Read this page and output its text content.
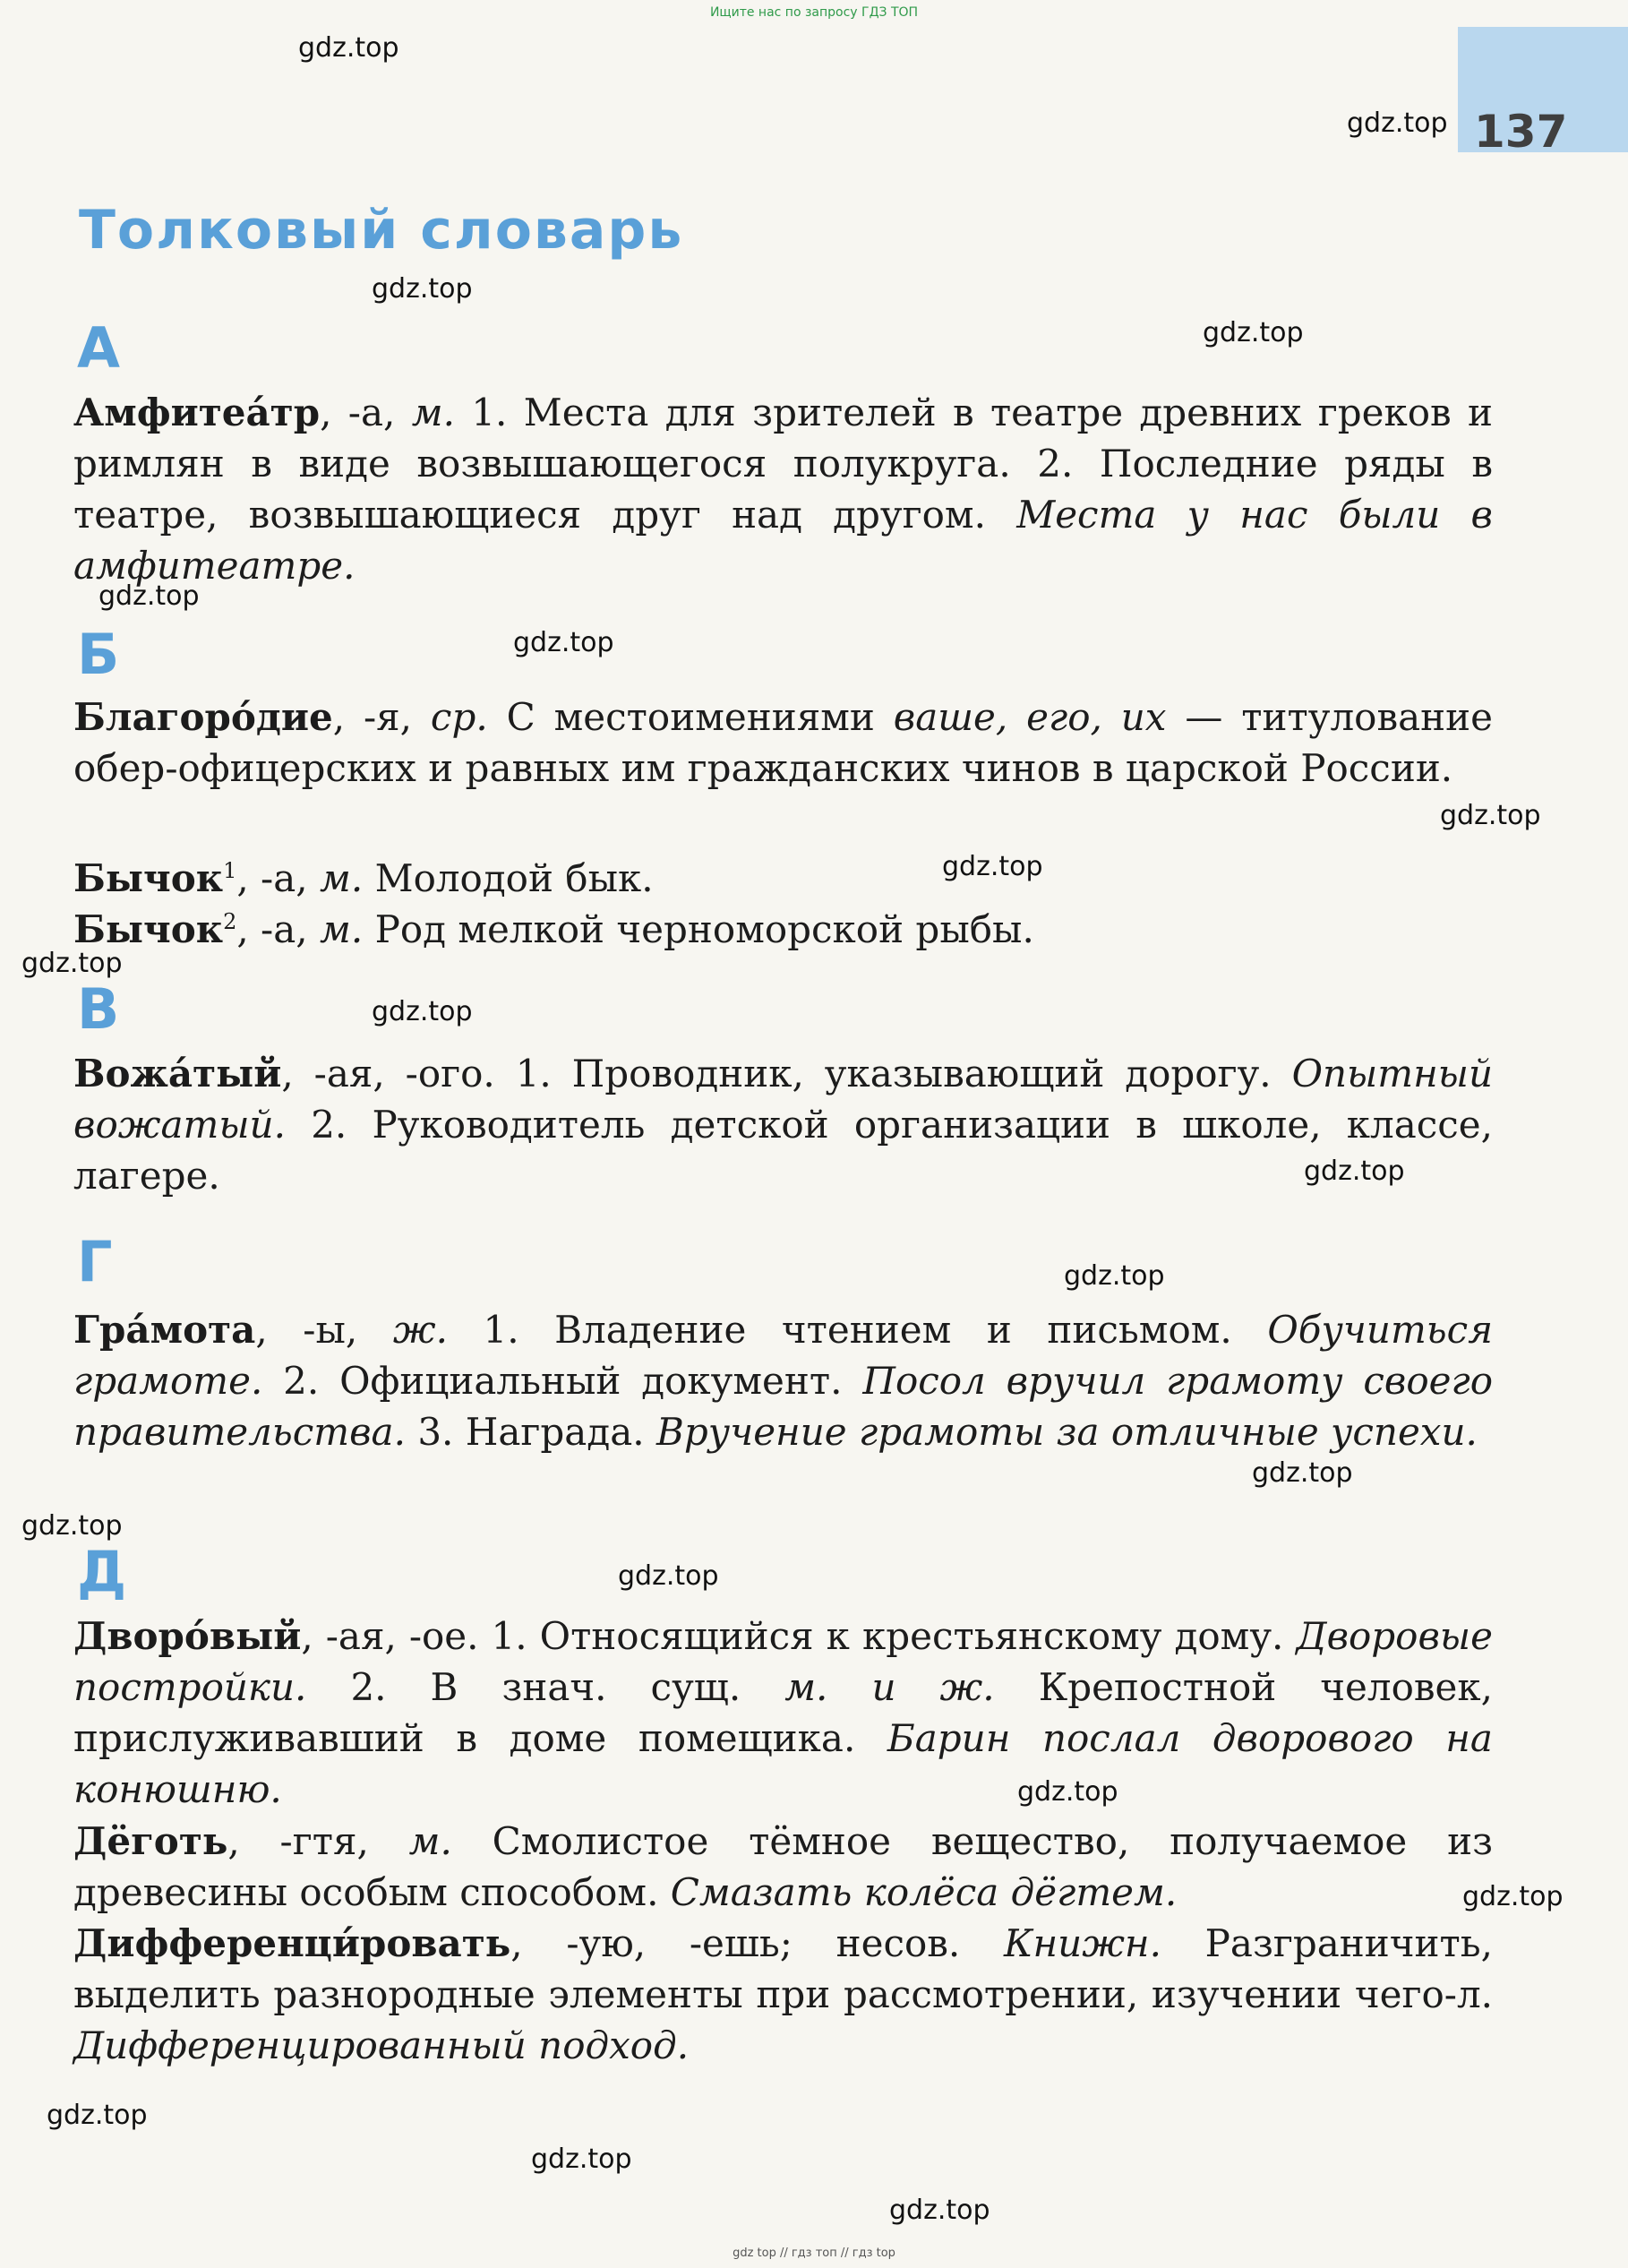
137
Ищите нас по запросу ГДЗ ТОП
Толковый словарь
А
Амфитеа́тр, -а, м. 1. Места для зрителей в театре древних греков и римлян в виде возвышающегося полукруга. 2. Последние ряды в театре, возвышающиеся друг над другом. Места у нас были в амфитеатре.
Б
Благоро́дие, -я, ср. С местоимениями ваше, его, их — титулование обер-офицерских и равных им гражданских чинов в царской России.
Бычок$^1$, -а, м. Молодой бык.
Бычок$^2$, -а, м. Род мелкой черноморской рыбы.
В
Вожа́тый, -ая, -ого. 1. Проводник, указывающий дорогу. Опытный вожатый. 2. Руководитель детской организации в школе, классе, лагере.
Г
Гра́мота, -ы, ж. 1. Владение чтением и письмом. Обучиться грамоте. 2. Официальный документ. Посол вручил грамоту своего правительства. 3. Награда. Вручение грамоты за отличные успехи.
Д
Дворо́вый, -ая, -ое. 1. Относящийся к крестьянскому дому. Дворовые постройки. 2. В знач. сущ. м. и ж. Крепостной человек, прислуживавший в доме помещика. Барин послал дворового на конюшню.
Дёготь, -гтя, м. Смолистое тёмное вещество, получаемое из древесины особым способом. Смазать колёса дёгтем.
Дифференци́ровать, -ую, -ешь; несов. Книжн. Разграничить, выделить разнородные элементы при рассмотрении, изучении чего-л. Дифференцированный подход.
gdz.top
gdz.top
gdz.top
gdz.top
gdz.top
gdz.top
gdz.top
gdz.top
gdz.top
gdz.top
gdz.top
gdz.top
gdz.top
gdz.top
gdz.top
gdz.top
gdz.top
gdz.top
gdz.top
gdz.top
gdz top // гдз топ // гдз top
